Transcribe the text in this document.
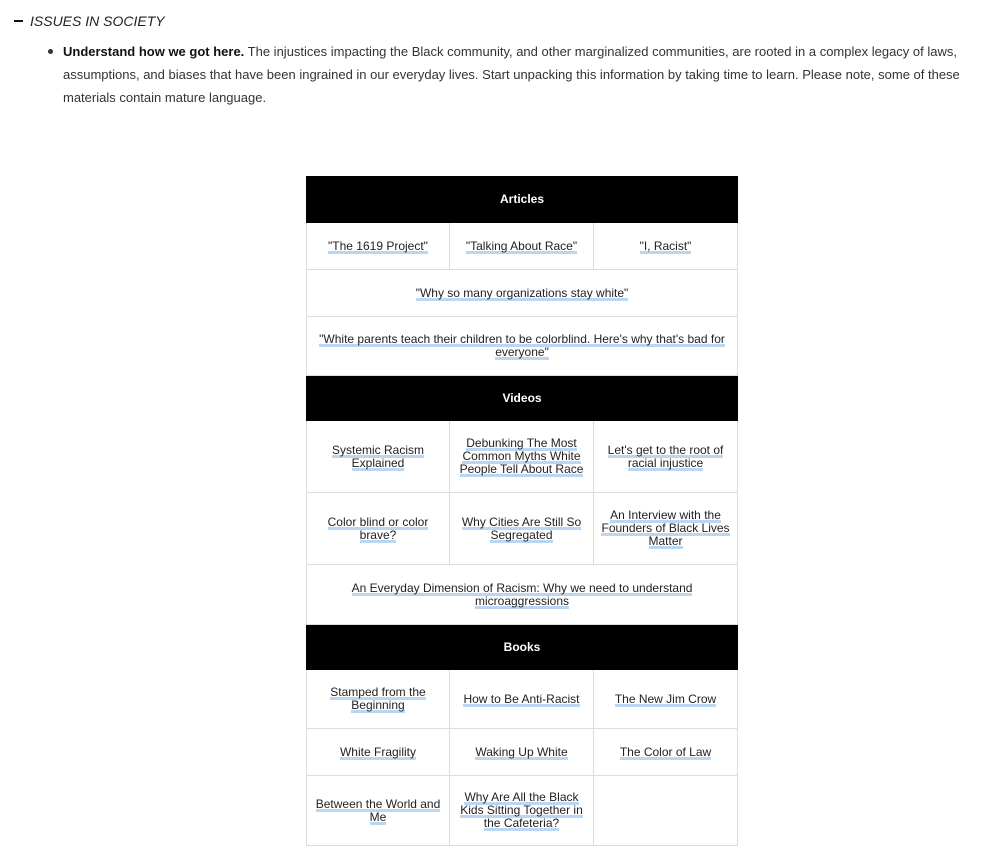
ISSUES IN SOCIETY
Understand how we got here. The injustices impacting the Black community, and other marginalized communities, are rooted in a complex legacy of laws, assumptions, and biases that have been ingrained in our everyday lives. Start unpacking this information by taking time to learn. Please note, some of these materials contain mature language.
Articles		
"The 1619 Project"	"Talking About Race"	"I, Racist"
"Why so many organizations stay white"		
"White parents teach their children to be colorblind. Here's why that's bad for everyone"		
Videos		
Systemic Racism Explained	Debunking The Most Common Myths White People Tell About Race	Let's get to the root of racial injustice
Color blind or color brave?	Why Cities Are Still So Segregated	An Interview with the Founders of Black Lives Matter
An Everyday Dimension of Racism: Why we need to understand microaggressions		
Books		
Stamped from the Beginning	How to Be Anti-Racist	The New Jim Crow
White Fragility	Waking Up White	The Color of Law
Between the World and Me	Why Are All the Black Kids Sitting Together in the Cafeteria?	
